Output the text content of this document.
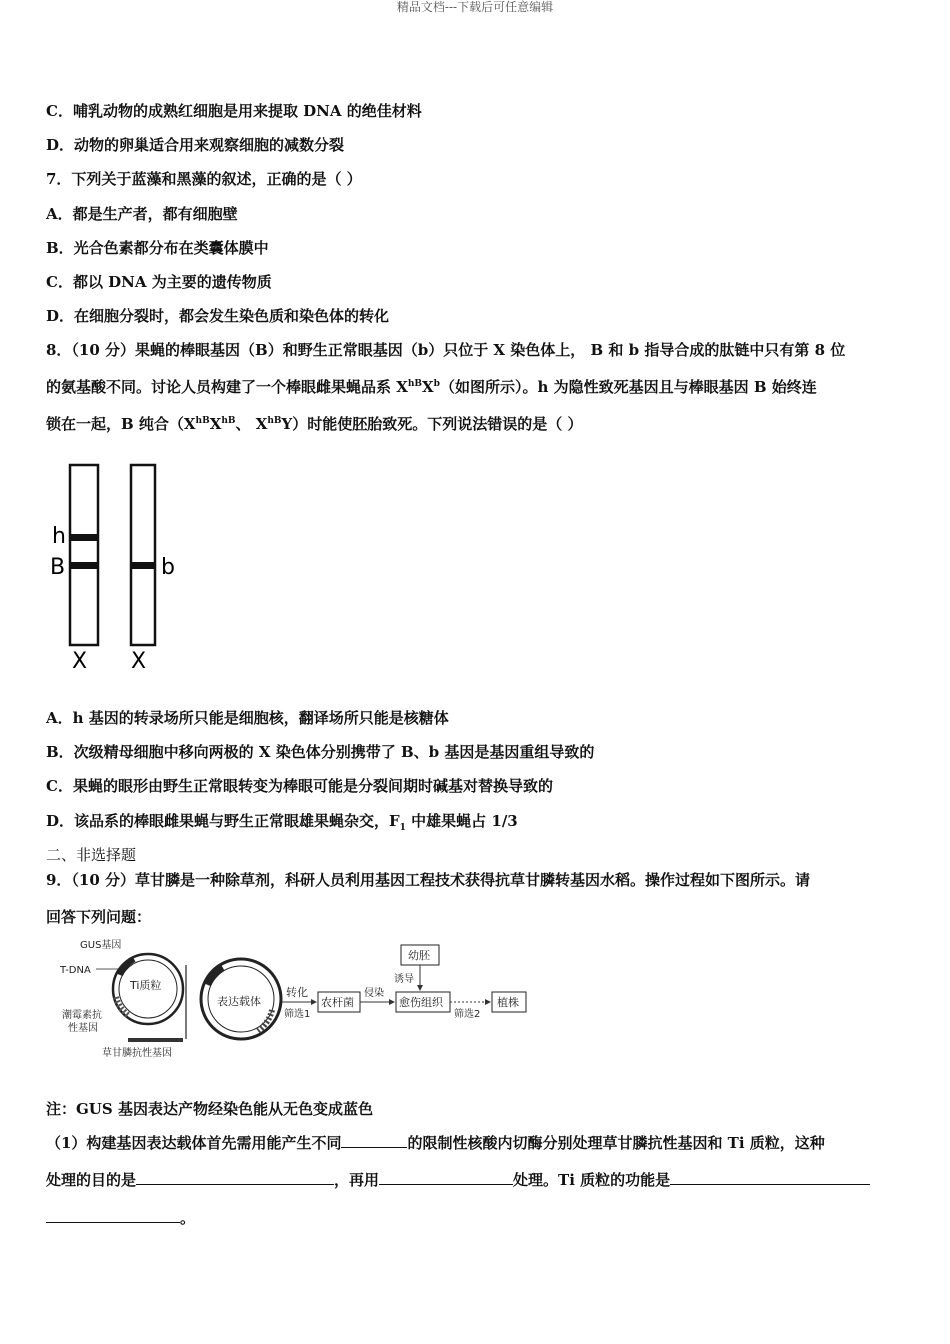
精品文档---下载后可任意编辑
C．哺乳动物的成熟红细胞是用来提取 DNA 的绝佳材料
D．动物的卵巢适合用来观察细胞的减数分裂
7．下列关于蓝藻和黑藻的叙述，正确的是（ ）
A．都是生产者，都有细胞壁
B．光合色素都分布在类囊体膜中
C．都以 DNA 为主要的遗传物质
D．在细胞分裂时，都会发生染色质和染色体的转化
8．（10 分）果蝇的棒眼基因（B）和野生正常眼基因（b）只位于 X 染色体上， B 和 b 指导合成的肽链中只有第 8 位
的氨基酸不同。讨论人员构建了一个棒眼雌果蝇品系 $X^{hB}X^b$（如图所示）。h 为隐性致死基因且与棒眼基因 B 始终连
锁在一起，B 纯合（$X^{hB}X^{hB}$、 $X^{hB}Y$）时能使胚胎致死。下列说法错误的是（ ）
h
B	b
X X
A．h 基因的转录场所只能是细胞核，翻译场所只能是核糖体
B．次级精母细胞中移向两极的 X 染色体分别携带了 B、b 基因是基因重组导致的
C．果蝇的眼形由野生正常眼转变为棒眼可能是分裂间期时碱基对替换导致的
D．该品系的棒眼雌果蝇与野生正常眼雄果蝇杂交，$F_1$ 中雄果蝇占 1/3
二、非选择题
9．（10 分）草甘膦是一种除草剂，科研人员利用基因工程技术获得抗草甘膦转基因水稻。操作过程如下图所示。请
回答下列问题：
Ti质粒
GUS基因
T-DNA
潮霉素抗
性基因
草甘膦抗性基因
表达载体
转化
筛选1
农杆菌
侵染
愈伤组织
幼胚
诱导
筛选2
植株
注：GUS 基因表达产物经染色能从无色变成蓝色
（1）构建基因表达载体首先需用能产生不同	的限制性核酸内切酶分别处理草甘膦抗性基因和 Ti 质粒，这种
处理的目的是	，再用	处理。Ti 质粒的功能是
。
